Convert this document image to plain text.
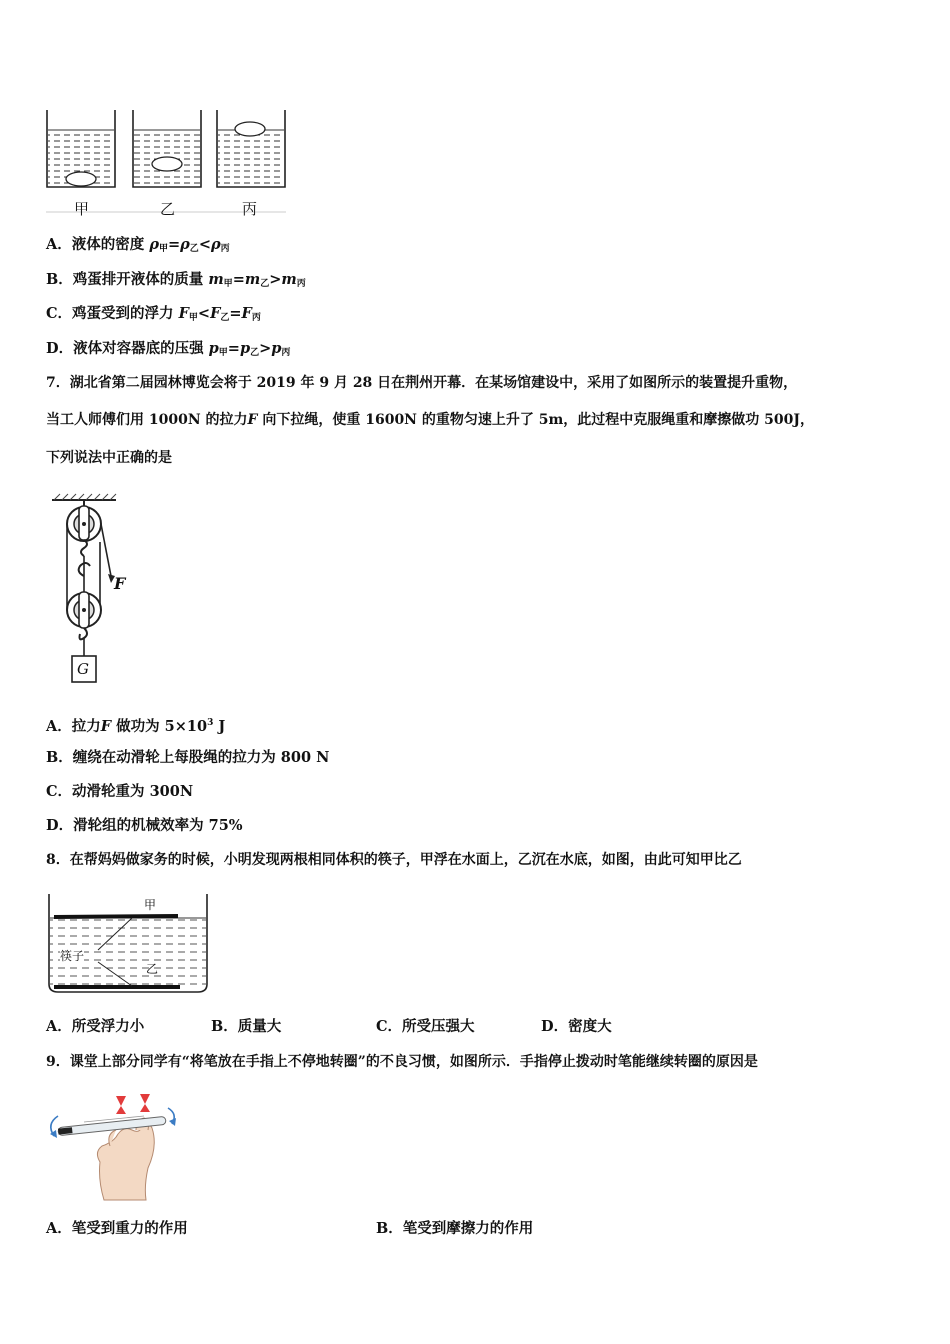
甲	乙	丙
A．液体的密度 $\rho_甲=\rho_乙<\rho_丙$
B．鸡蛋排开液体的质量 $m_甲=m_乙>m_丙$
C．鸡蛋受到的浮力 $F_甲<F_乙=F_丙$
D．液体对容器底的压强 $p_甲=p_乙>p_丙$
7．湖北省第二届园林博览会将于 2019 年 9 月 28 日在荆州开幕．在某场馆建设中，采用了如图所示的装置提升重物，
当工人师傅们用 1000N 的拉力F 向下拉绳，使重 1600N 的重物匀速上升了 5m，此过程中克服绳重和摩擦做功 500J，
下列说法中正确的是
F
G
A．拉力F 做功为 $5\times 10^3$ J
B．缠绕在动滑轮上每股绳的拉力为 800 N
C．动滑轮重为 300N
D．滑轮组的机械效率为 75%
8．在帮妈妈做家务的时候，小明发现两根相同体积的筷子，甲浮在水面上，乙沉在水底，如图，由此可知甲比乙
甲
筷子
乙
A．所受浮力小	B．质量大	C．所受压强大	D．密度大
9．课堂上部分同学有“将笔放在手指上不停地转圈”的不良习惯，如图所示．手指停止拨动时笔能继续转圈的原因是
A．笔受到重力的作用	B．笔受到摩擦力的作用
